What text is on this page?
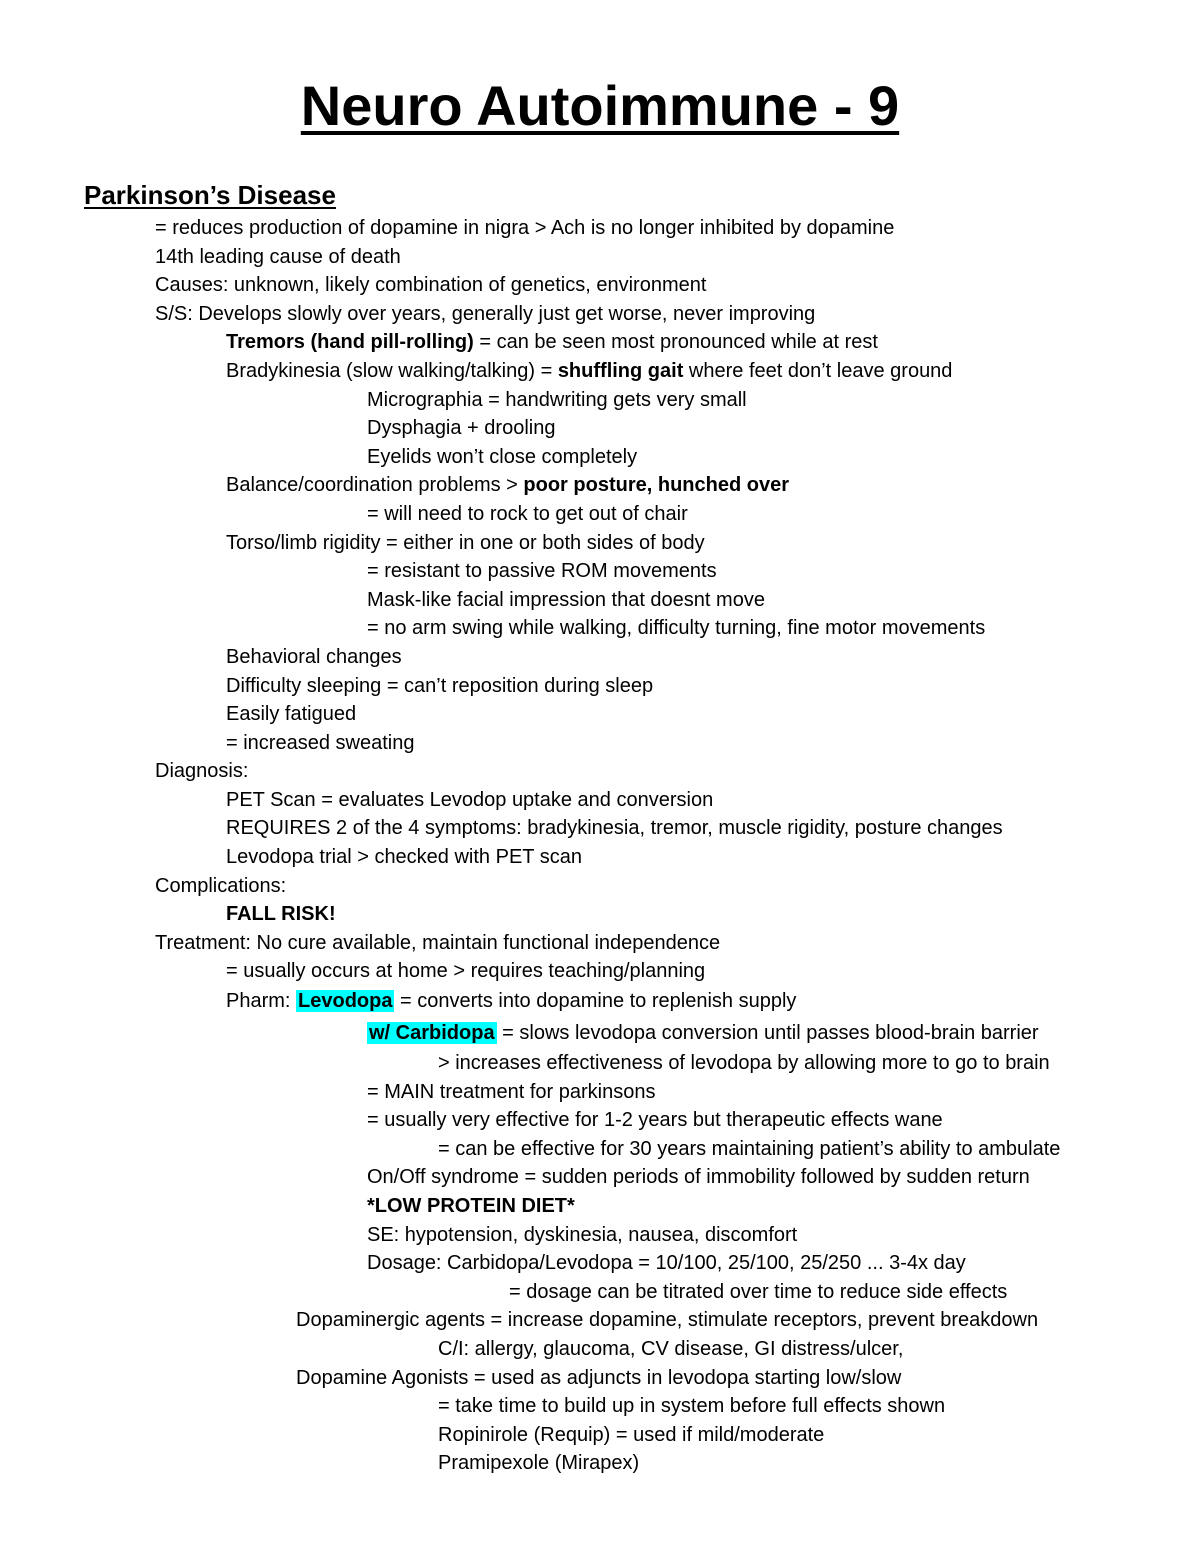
Neuro Autoimmune - 9
Parkinson’s Disease
= reduces production of dopamine in nigra > Ach is no longer inhibited by dopamine
14th leading cause of death
Causes: unknown, likely combination of genetics, environment
S/S: Develops slowly over years, generally just get worse, never improving
Tremors (hand pill-rolling) = can be seen most pronounced while at rest
Bradykinesia (slow walking/talking) = shuffling gait where feet don’t leave ground
Micrographia = handwriting gets very small
Dysphagia + drooling
Eyelids won’t close completely
Balance/coordination problems > poor posture, hunched over
= will need to rock to get out of chair
Torso/limb rigidity = either in one or both sides of body
= resistant to passive ROM movements
Mask-like facial impression that doesnt move
= no arm swing while walking, difficulty turning, fine motor movements
Behavioral changes
Difficulty sleeping = can’t reposition during sleep
Easily fatigued
= increased sweating
Diagnosis:
PET Scan = evaluates Levodop uptake and conversion
REQUIRES 2 of the 4 symptoms: bradykinesia, tremor, muscle rigidity, posture changes
Levodopa trial > checked with PET scan
Complications:
FALL RISK!
Treatment: No cure available, maintain functional independence
= usually occurs at home > requires teaching/planning
Pharm: Levodopa = converts into dopamine to replenish supply
w/ Carbidopa = slows levodopa conversion until passes blood-brain barrier
> increases effectiveness of levodopa by allowing more to go to brain
= MAIN treatment for parkinsons
= usually very effective for 1-2 years but therapeutic effects wane
= can be effective for 30 years maintaining patient’s ability to ambulate
On/Off syndrome = sudden periods of immobility followed by sudden return
*LOW PROTEIN DIET*
SE: hypotension, dyskinesia, nausea, discomfort
Dosage: Carbidopa/Levodopa = 10/100, 25/100, 25/250 ... 3-4x day
= dosage can be titrated over time to reduce side effects
Dopaminergic agents = increase dopamine, stimulate receptors, prevent breakdown
C/I: allergy, glaucoma, CV disease, GI distress/ulcer,
Dopamine Agonists = used as adjuncts in levodopa starting low/slow
= take time to build up in system before full effects shown
Ropinirole (Requip) = used if mild/moderate
Pramipexole (Mirapex)
